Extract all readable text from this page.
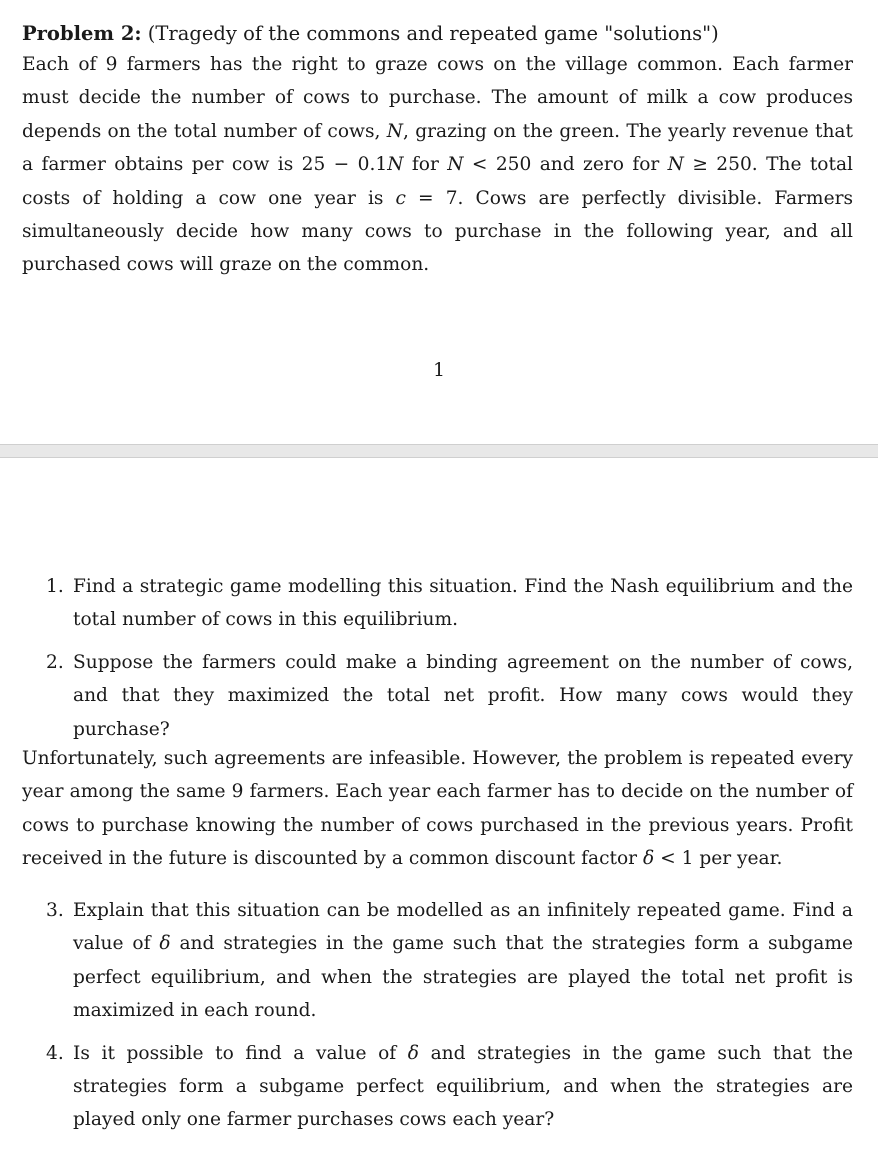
Problem 2: (Tragedy of the commons and repeated game "solutions")

Each of 9 farmers has the right to graze cows on the village common. Each farmer must decide the number of cows to purchase. The amount of milk a cow produces depends on the total number of cows, N, grazing on the green. The yearly revenue that a farmer obtains per cow is 25 − 0.1N for N < 250 and zero for N ≥ 250. The total costs of holding a cow one year is c = 7. Cows are perfectly divisible. Farmers simultaneously decide how many cows to purchase in the following year, and all purchased cows will graze on the common.

1
1. Find a strategic game modelling this situation. Find the Nash equilibrium and the total number of cows in this equilibrium.
2. Suppose the farmers could make a binding agreement on the number of cows, and that they maximized the total net profit. How many cows would they purchase?

Unfortunately, such agreements are infeasible. However, the problem is repeated every year among the same 9 farmers. Each year each farmer has to decide on the number of cows to purchase knowing the number of cows purchased in the previous years. Profit received in the future is discounted by a common discount factor δ < 1 per year.

3. Explain that this situation can be modelled as an infinitely repeated game. Find a value of δ and strategies in the game such that the strategies form a subgame perfect equilibrium, and when the strategies are played the total net profit is maximized in each round.
4. Is it possible to find a value of δ and strategies in the game such that the strategies form a subgame perfect equilibrium, and when the strategies are played only one farmer purchases cows each year?
